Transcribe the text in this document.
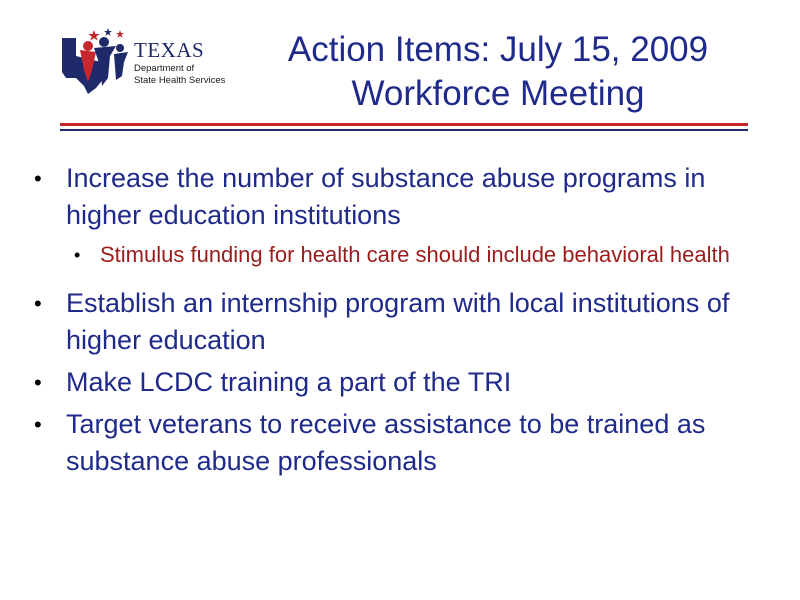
TEXAS
Department of
State Health Services
Action Items: July 15, 2009
Workforce Meeting
• Increase the number of substance abuse programs in higher education institutions
• Stimulus funding for health care should include behavioral health
• Establish an internship program with local institutions of higher education
• Make LCDC training a part of the TRI
• Target veterans to receive assistance to be trained as substance abuse professionals
